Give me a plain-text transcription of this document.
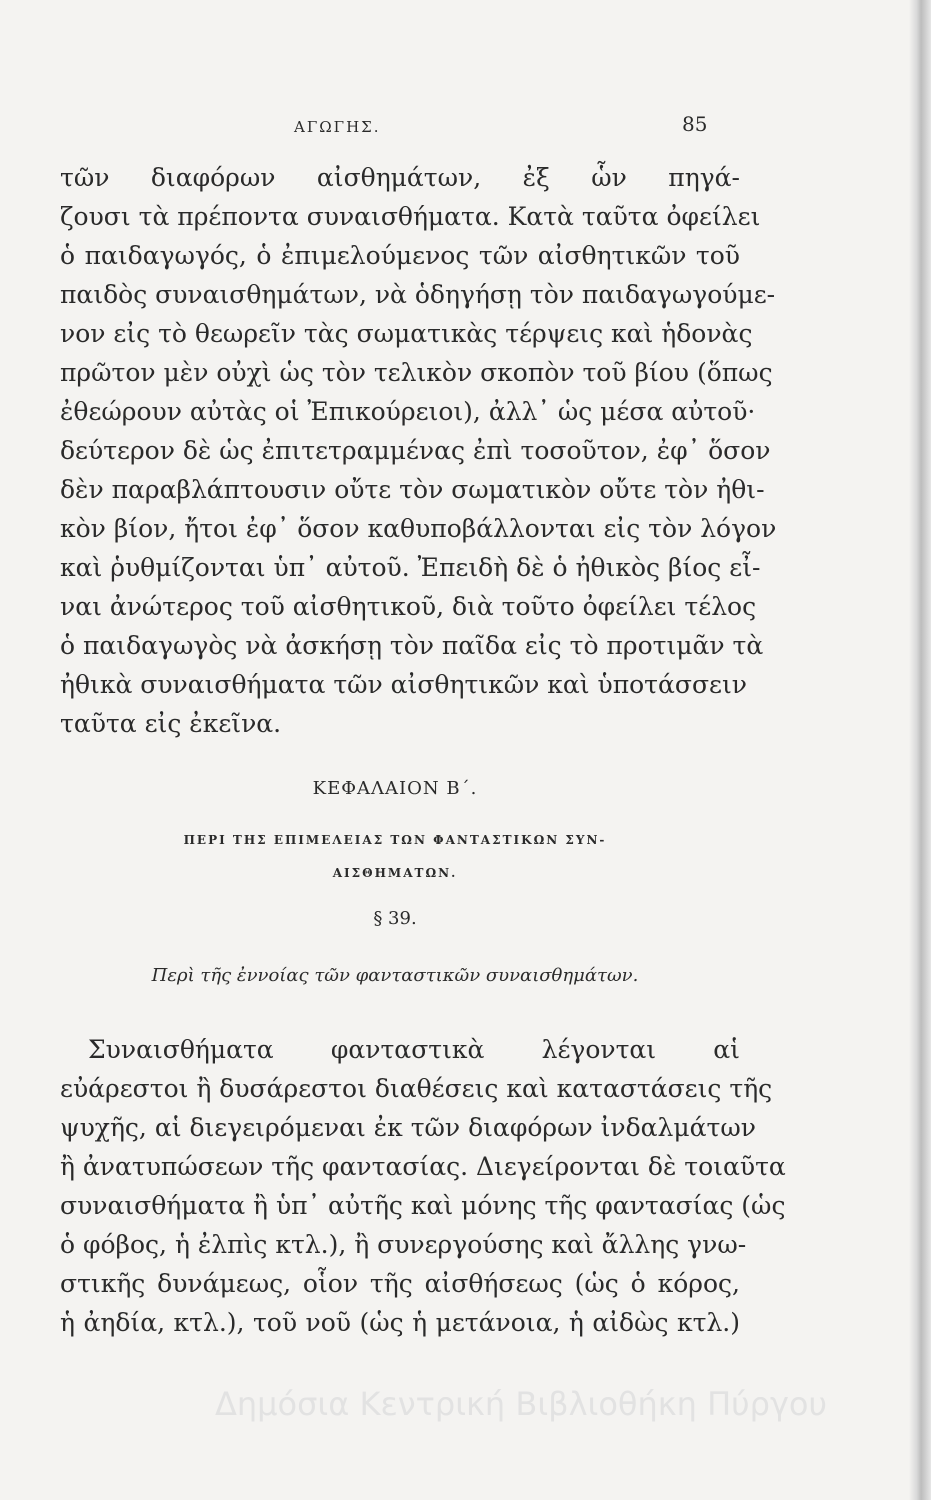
ΑΓΩΓΗΣ.	85
τῶν διαφόρων αἰσθημάτων, ἐξ ὧν πηγά-
ζουσι τὰ πρέποντα συναισθήματα. Κατὰ ταῦτα ὀφείλει
ὁ παιδαγωγός, ὁ ἐπιμελούμενος τῶν αἰσθητικῶν τοῦ
παιδὸς συναισθημάτων, νὰ ὁδηγήσῃ τὸν παιδαγωγούμε-
νον εἰς τὸ θεωρεῖν τὰς σωματικὰς τέρψεις καὶ ἡδονὰς
πρῶτον μὲν οὐχὶ ὡς τὸν τελικὸν σκοπὸν τοῦ βίου (ὅπως
ἐθεώρουν αὐτὰς οἱ Ἐπικούρειοι), ἀλλ᾽ ὡς μέσα αὐτοῦ·
δεύτερον δὲ ὡς ἐπιτετραμμένας ἐπὶ τοσοῦτον, ἐφ᾽ ὅσον
δὲν παραβλάπτουσιν οὔτε τὸν σωματικὸν οὔτε τὸν ἠθι-
κὸν βίον, ἤτοι ἐφ᾽ ὅσον καθυποβάλλονται εἰς τὸν λόγον
καὶ ῥυθμίζονται ὑπ᾽ αὐτοῦ. Ἐπειδὴ δὲ ὁ ἠθικὸς βίος εἶ-
ναι ἀνώτερος τοῦ αἰσθητικοῦ, διὰ τοῦτο ὀφείλει τέλος
ὁ παιδαγωγὸς νὰ ἀσκήσῃ τὸν παῖδα εἰς τὸ προτιμᾶν τὰ
ἠθικὰ συναισθήματα τῶν αἰσθητικῶν καὶ ὑποτάσσειν
ταῦτα εἰς ἐκεῖνα.
ΚΕΦΑΛΑΙΟΝ Β΄.
ΠΕΡΙ ΤΗΣ ΕΠΙΜΕΛΕΙΑΣ ΤΩΝ ΦΑΝΤΑΣΤΙΚΩΝ ΣΥΝ-
ΑΙΣΘΗΜΑΤΩΝ.
§ 39.
Περὶ τῆς ἐννοίας τῶν φανταστικῶν συναισθημάτων.
Συναισθήματα φανταστικὰ λέγονται αἱ
εὐάρεστοι ἢ δυσάρεστοι διαθέσεις καὶ καταστάσεις τῆς
ψυχῆς, αἱ διεγειρόμεναι ἐκ τῶν διαφόρων ἰνδαλμάτων
ἢ ἀνατυπώσεων τῆς φαντασίας. Διεγείρονται δὲ τοιαῦτα
συναισθήματα ἢ ὑπ᾽ αὐτῆς καὶ μόνης τῆς φαντασίας (ὡς
ὁ φόβος, ἡ ἐλπὶς κτλ.), ἢ συνεργούσης καὶ ἄλλης γνω-
στικῆς δυνάμεως, οἷον τῆς αἰσθήσεως (ὡς ὁ κόρος,
ἡ ἀηδία, κτλ.), τοῦ νοῦ (ὡς ἡ μετάνοια, ἡ αἰδὼς κτλ.)
Δημόσια Κεντρική Βιβλιοθήκη Πύργου
